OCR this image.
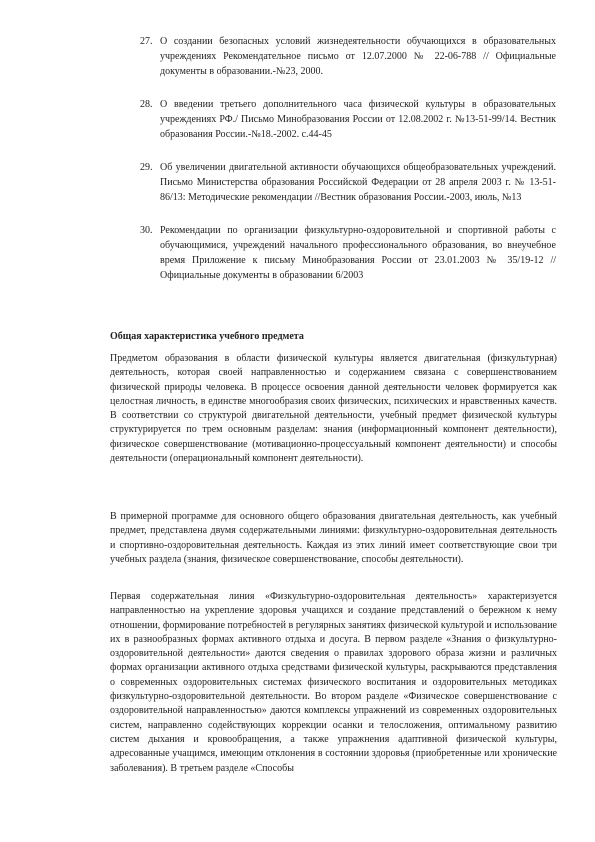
27. О создании безопасных условий жизнедеятельности обучающихся в образовательных учреждениях Рекомендательное письмо от 12.07.2000 № 22-06-788 // Официальные документы в образовании.-№23, 2000.
28. О введении третьего дополнительного часа физической культуры в образовательных учреждениях РФ./ Письмо Минобразования России от 12.08.2002 г. №13-51-99/14. Вестник образования России.-№18.-2002. с.44-45
29. Об увеличении двигательной активности обучающихся общеобразовательных учреждений. Письмо Министерства образования Российской Федерации от 28 апреля 2003 г. № 13-51-86/13: Методические рекомендации //Вестник образования России.-2003, июль, №13
30. Рекомендации по организации физкультурно-оздоровительной и спортивной работы с обучающимися, учреждений начального профессионального образования, во внеучебное время Приложение к письму Минобразования России от 23.01.2003 № 35/19-12 //Официальные документы в образовании 6/2003
Общая характеристика учебного предмета

Предметом образования в области физической культуры является двигательная (физкультурная) деятельность, которая своей направленностью и содержанием связана с совершенствованием физической природы человека. В процессе освоения данной деятельности человек формируется как целостная личность, в единстве многообразия своих физических, психических и нравственных качеств. В соответствии со структурой двигательной деятельности, учебный предмет физической культуры структурируется по трем основным разделам: знания (информационный компонент деятельности), физическое совершенствование (мотивационно-процессуальный компонент деятельности) и способы деятельности (операциональный компонент деятельности).

В примерной программе для основного общего образования двигательная деятельность, как учебный предмет, представлена двумя содержательными линиями: физкультурно-оздоровительная деятельность и спортивно-оздоровительная деятельность. Каждая из этих линий имеет соответствующие свои три учебных раздела (знания, физическое совершенствование, способы деятельности).

Первая содержательная линия «Физкультурно-оздоровительная деятельность» характеризуется направленностью на укрепление здоровья учащихся и создание представлений о бережном к нему отношении, формирование потребностей в регулярных занятиях физической культурой и использование их в разнообразных формах активного отдыха и досуга. В первом разделе «Знания о физкультурно-оздоровительной деятельности» даются сведения о правилах здорового образа жизни и различных формах организации активного отдыха средствами физической культуры, раскрываются представления о современных оздоровительных системах физического воспитания и оздоровительных методиках физкультурно-оздоровительной деятельности. Во втором разделе «Физическое совершенствование с оздоровительной направленностью» даются комплексы упражнений из современных оздоровительных систем, направленно содействующих коррекции осанки и телосложения, оптимальному развитию систем дыхания и кровообращения, а также упражнения адаптивной физической культуры, адресованные учащимся, имеющим отклонения в состоянии здоровья (приобретенные или хронические заболевания). В третьем разделе «Способы
